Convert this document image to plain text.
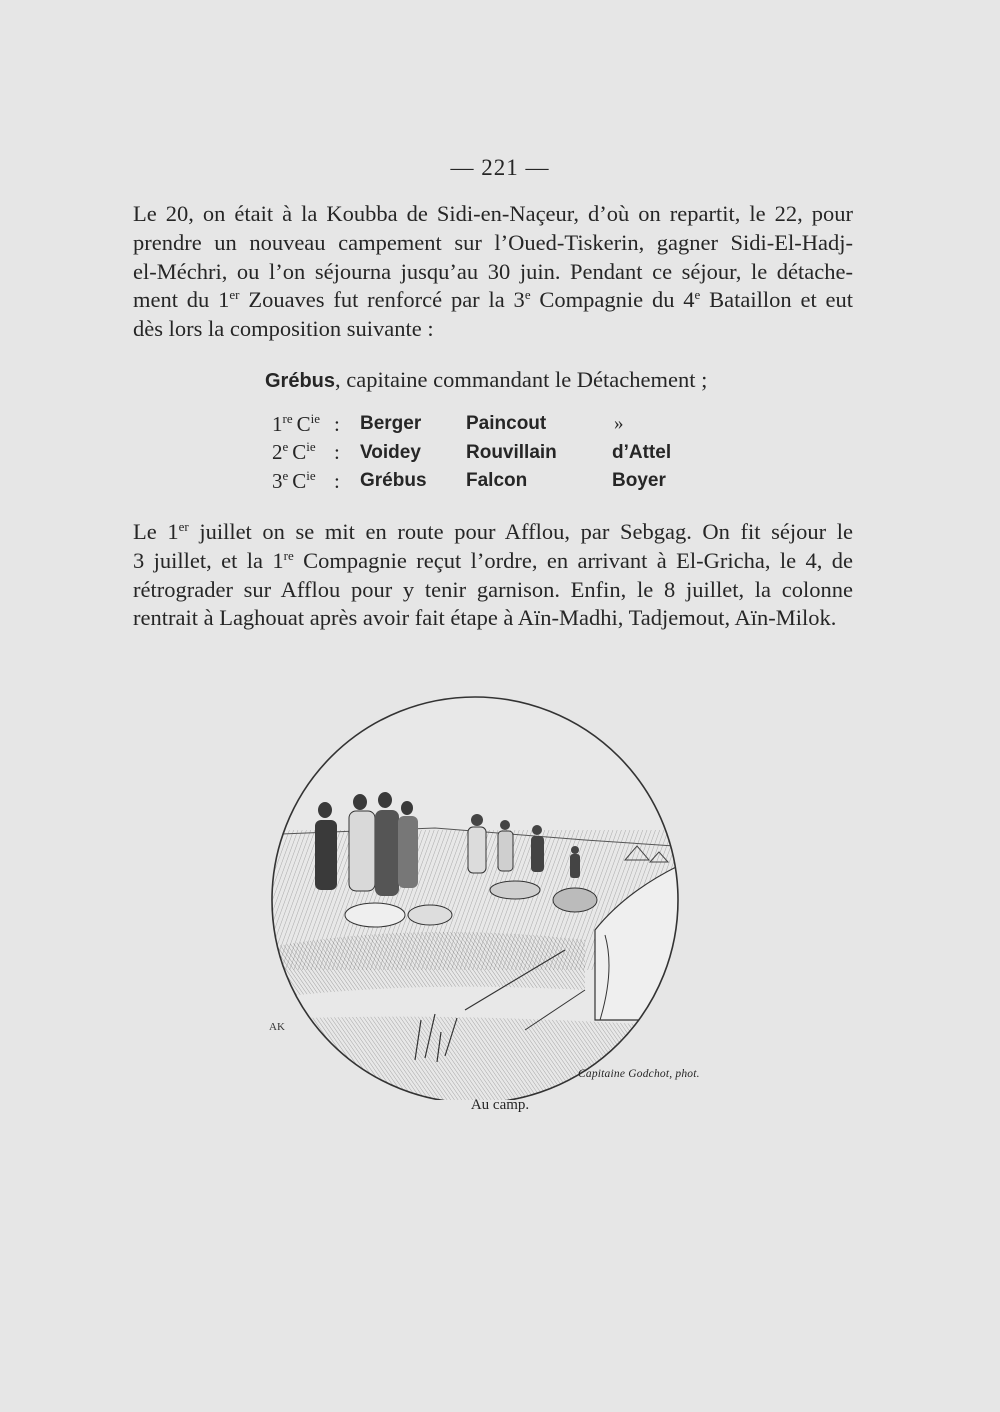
— 221 —
Le 20, on était à la Koubba de Sidi-en-Naçeur, d’où on repartit, le 22, pour
prendre un nouveau campement sur l’Oued-Tiskerin, gagner Sidi-El-Hadj-
el-Méchri, ou l’on séjourna jusqu’au 30 juin. Pendant ce séjour, le détache-
ment du 1er Zouaves fut renforcé par la 3e Compagnie du 4e Bataillon et eut
dès lors la composition suivante :
Grébus, capitaine commandant le Détachement ;
1re $C^{ie}$	:	Berger	Paincout	»
2e $C^{ie}$	:	Voidey	Rouvillain	d’Attel
3e $C^{ie}$	:	Grébus	Falcon	Boyer
Le 1er juillet on se mit en route pour Afflou, par Sebgag. On fit séjour le
3 juillet, et la 1re Compagnie reçut l’ordre, en arrivant à El-Gricha, le 4, de
rétrograder sur Afflou pour y tenir garnison. Enfin, le 8 juillet, la colonne
rentrait à Laghouat après avoir fait étape à Aïn-Madhi, Tadjemout, Aïn-Milok.
AK
Capitaine Godchot, phot.
Au camp.
